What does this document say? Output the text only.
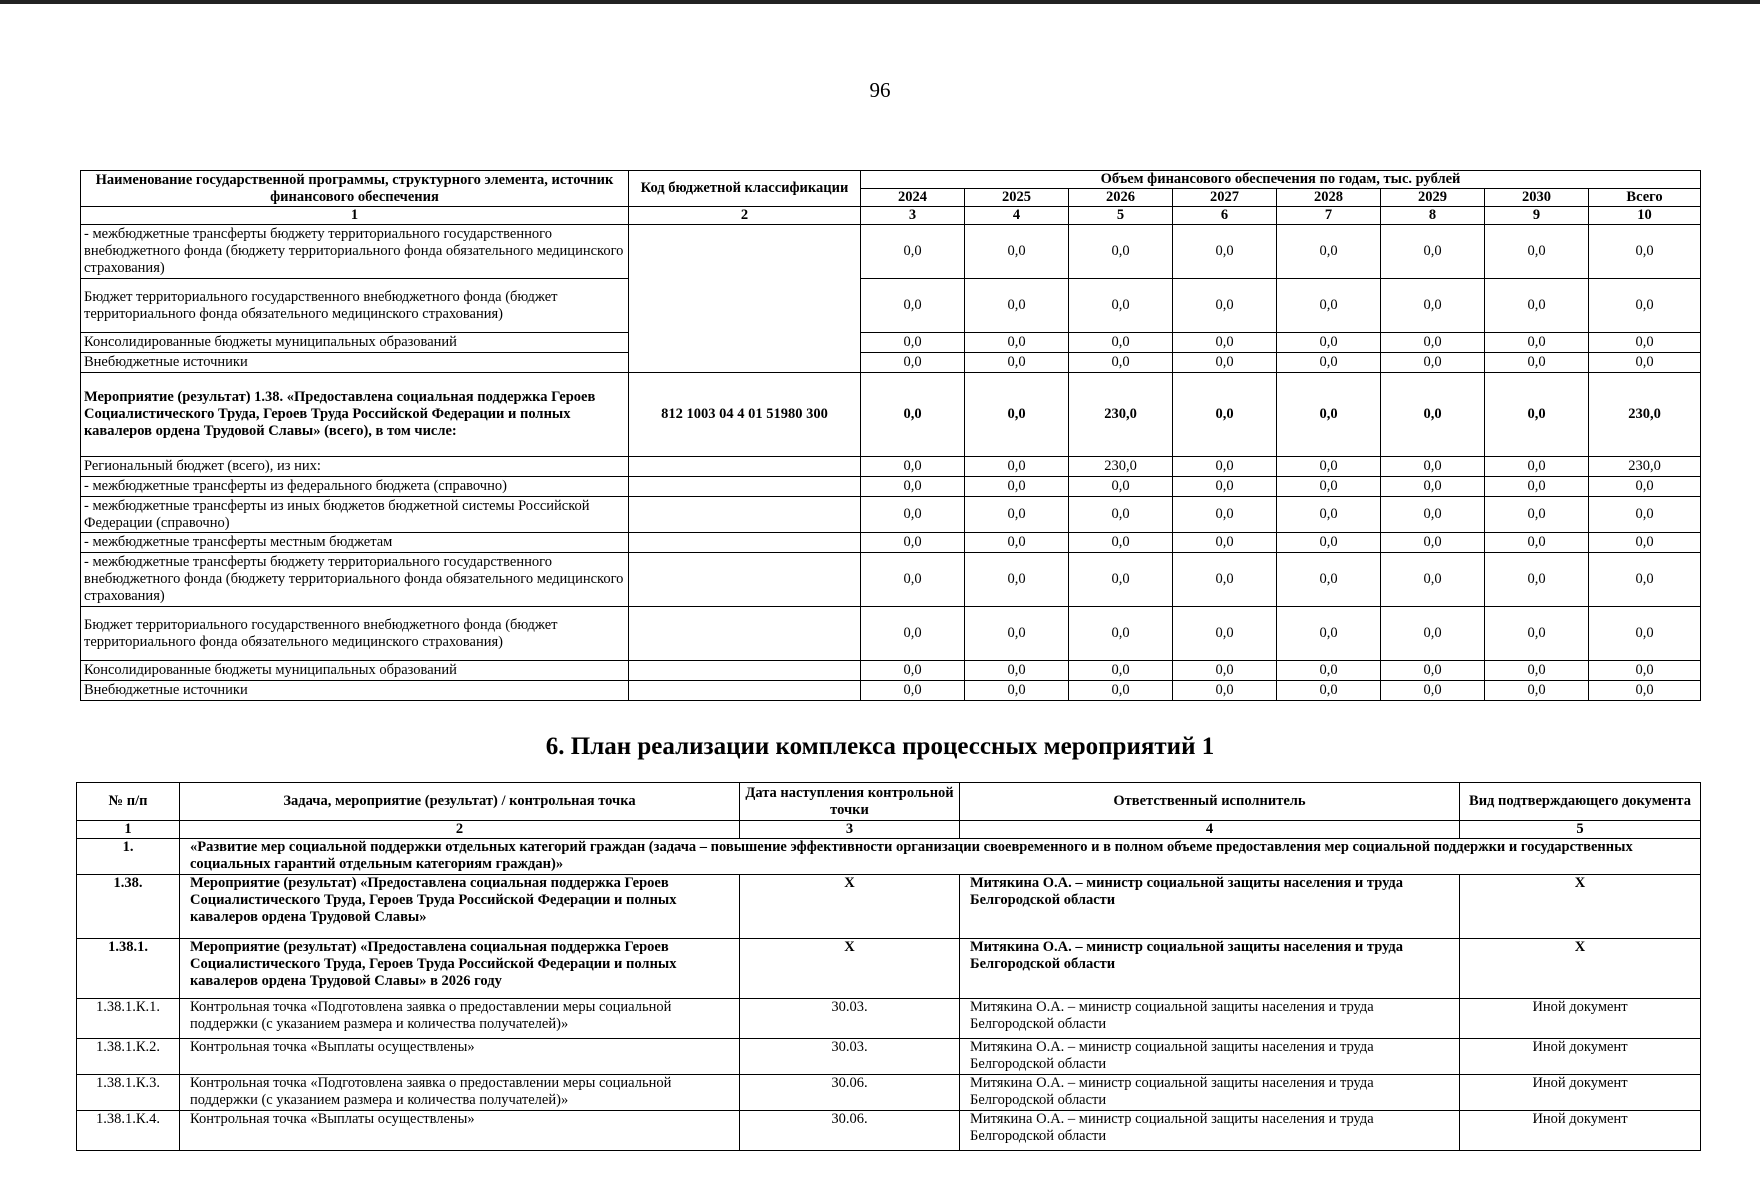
96
Наименование государственной программы, структурного элемента, источник финансового обеспечения	Код бюджетной классификации	Объем финансового обеспечения по годам, тыс. рублей							
		2024	2025	2026	2027	2028	2029	2030	Всего
1	2	3	4	5	6	7	8	9	10
- межбюджетные трансферты бюджету территориального государственного внебюджетного фонда (бюджету территориального фонда обязательного медицинского страхования)		0,0	0,0	0,0	0,0	0,0	0,0	0,0	0,0
Бюджет территориального государственного внебюджетного фонда (бюджет территориального фонда обязательного медицинского страхования)		0,0	0,0	0,0	0,0	0,0	0,0	0,0	0,0
Консолидированные бюджеты муниципальных образований		0,0	0,0	0,0	0,0	0,0	0,0	0,0	0,0
Внебюджетные источники		0,0	0,0	0,0	0,0	0,0	0,0	0,0	0,0
Мероприятие (результат) 1.38. «Предоставлена социальная поддержка Героев Социалистического Труда, Героев Труда Российской Федерации и полных кавалеров ордена Трудовой Славы» (всего), в том числе:	812 1003 04 4 01 51980 300	0,0	0,0	230,0	0,0	0,0	0,0	0,0	230,0
Региональный бюджет (всего), из них:		0,0	0,0	230,0	0,0	0,0	0,0	0,0	230,0
- межбюджетные трансферты из федерального бюджета (справочно)		0,0	0,0	0,0	0,0	0,0	0,0	0,0	0,0
- межбюджетные трансферты из иных бюджетов бюджетной системы Российской Федерации (справочно)		0,0	0,0	0,0	0,0	0,0	0,0	0,0	0,0
- межбюджетные трансферты местным бюджетам		0,0	0,0	0,0	0,0	0,0	0,0	0,0	0,0
- межбюджетные трансферты бюджету территориального государственного внебюджетного фонда (бюджету территориального фонда обязательного медицинского страхования)		0,0	0,0	0,0	0,0	0,0	0,0	0,0	0,0
Бюджет территориального государственного внебюджетного фонда (бюджет территориального фонда обязательного медицинского страхования)		0,0	0,0	0,0	0,0	0,0	0,0	0,0	0,0
Консолидированные бюджеты муниципальных образований		0,0	0,0	0,0	0,0	0,0	0,0	0,0	0,0
Внебюджетные источники		0,0	0,0	0,0	0,0	0,0	0,0	0,0	0,0
6. План реализации комплекса процессных мероприятий 1
№ п/п	Задача, мероприятие (результат) / контрольная точка	Дата наступления контрольной точки	Ответственный исполнитель	Вид подтверждающего документа
1	2	3	4	5
1.	«Развитие мер социальной поддержки отдельных категорий граждан (задача – повышение эффективности организации своевременного и в полном объеме предоставления мер социальной поддержки и государственных социальных гарантий отдельным категориям граждан)»			
1.38.	Мероприятие (результат) «Предоставлена социальная поддержка Героев Социалистического Труда, Героев Труда Российской Федерации и полных кавалеров ордена Трудовой Славы»	Х	Митякина О.А. – министр социальной защиты населения и труда Белгородской области	Х
1.38.1.	Мероприятие (результат) «Предоставлена социальная поддержка Героев Социалистического Труда, Героев Труда Российской Федерации и полных кавалеров ордена Трудовой Славы» в 2026 году	Х	Митякина О.А. – министр социальной защиты населения и труда Белгородской области	Х
1.38.1.К.1.	Контрольная точка «Подготовлена заявка о предоставлении меры социальной поддержки (с указанием размера и количества получателей)»	30.03.	Митякина О.А. – министр социальной защиты населения и труда Белгородской области	Иной документ
1.38.1.К.2.	Контрольная точка «Выплаты осуществлены»	30.03.	Митякина О.А. – министр социальной защиты населения и труда Белгородской области	Иной документ
1.38.1.К.3.	Контрольная точка «Подготовлена заявка о предоставлении меры социальной поддержки (с указанием размера и количества получателей)»	30.06.	Митякина О.А. – министр социальной защиты населения и труда Белгородской области	Иной документ
1.38.1.К.4.	Контрольная точка «Выплаты осуществлены»	30.06.	Митякина О.А. – министр социальной защиты населения и труда Белгородской области	Иной документ
